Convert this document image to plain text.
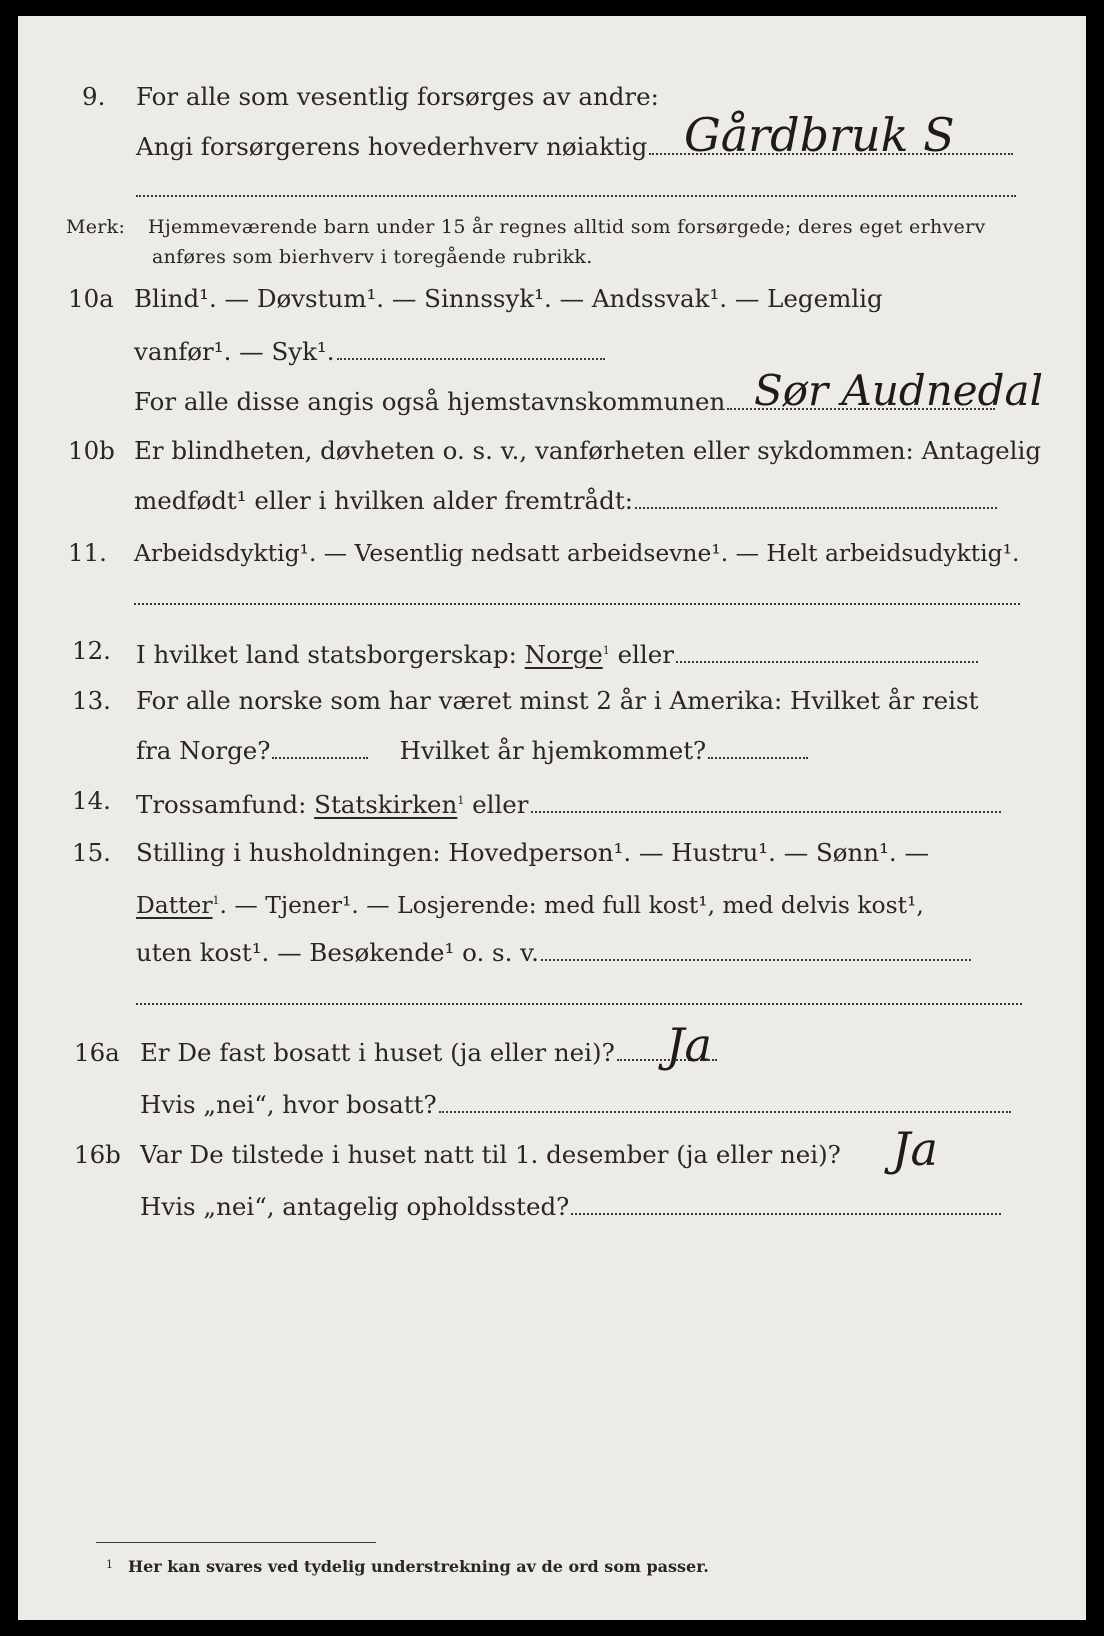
9. For alle som vesentlig forsørges av andre:
Angi forsørgerens hovederhverv nøiaktig Gårdbruk S
Merk: Hjemmeværende barn under 15 år regnes alltid som forsørgede; deres eget erhverv
anføres som bierhverv i toregående rubrikk.
10a Blind¹. — Døvstum¹. — Sinnssyk¹. — Andssvak¹. — Legemlig
vanfør¹. — Syk¹.
For alle disse angis også hjemstavnskommunen Sør Audnedal
10b Er blindheten, døvheten o. s. v., vanførheten eller sykdommen: Antagelig
medfødt¹ eller i hvilken alder fremtrådt:
11. Arbeidsdyktig¹. — Vesentlig nedsatt arbeidsevne¹. — Helt arbeidsudyktig¹.
12. I hvilket land statsborgerskap: Norge$^1$ eller
13. For alle norske som har været minst 2 år i Amerika: Hvilket år reist
fra Norge?	Hvilket år hjemkommet?
14. Trossamfund: Statskirken$^1$ eller
15. Stilling i husholdningen: Hovedperson¹. — Hustru¹. — Sønn¹. —
Datter$^1$. — Tjener¹. — Losjerende: med full kost¹, med delvis kost¹,
uten kost¹. — Besøkende¹ o. s. v.
16a Er De fast bosatt i huset (ja eller nei)?	Ja
Hvis „nei“, hvor bosatt?
16b Var De tilstede i huset natt til 1. desember (ja eller nei)? Ja
Hvis „nei“, antagelig opholdssted?
1 Her kan svares ved tydelig understrekning av de ord som passer.
